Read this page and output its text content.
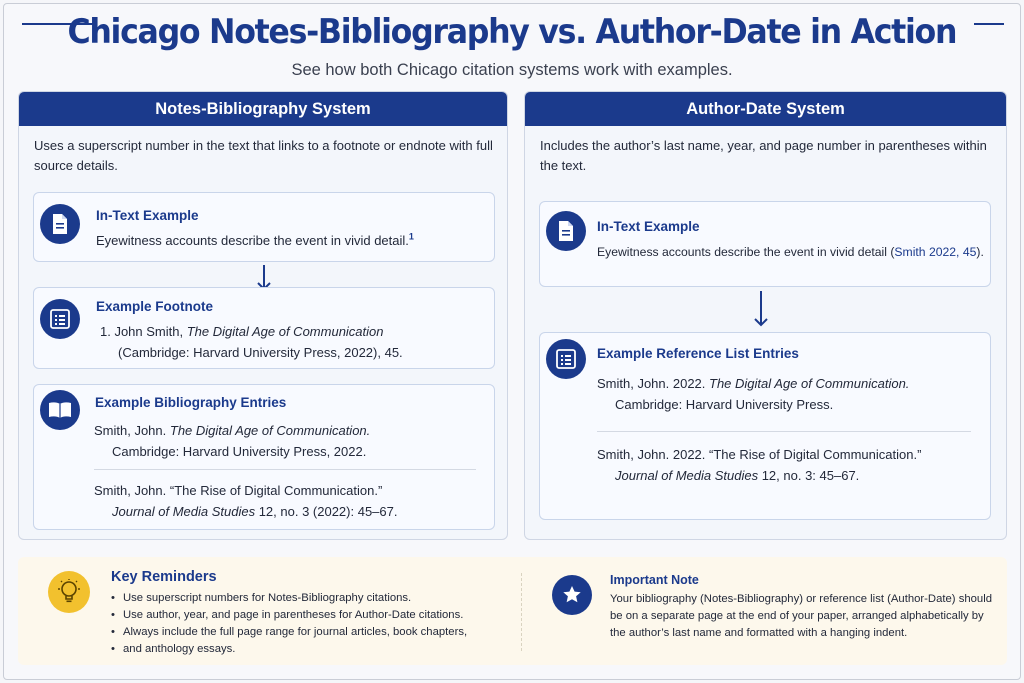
Chicago Notes-Bibliography vs. Author-Date in Action
See how both Chicago citation systems work with examples.
Notes-Bibliography System
Uses a superscript number in the text that links to a footnote or endnote with full source details.
In-Text Example
Eyewitness accounts describe the event in vivid detail.$^1$
Example Footnote
1. John Smith, The Digital Age of Communication
(Cambridge: Harvard University Press, 2022), 45.
Example Bibliography Entries
Smith, John. The Digital Age of Communication.
Cambridge: Harvard University Press, 2022.
Smith, John. “The Rise of Digital Communication.”
Journal of Media Studies 12, no. 3 (2022): 45–67.
Author-Date System
Includes the author’s last name, year, and page number in parentheses within the text.
In-Text Example
Eyewitness accounts describe the event in vivid detail (Smith 2022, 45).
Example Reference List Entries
Smith, John. 2022. The Digital Age of Communication.
Cambridge: Harvard University Press.
Smith, John. 2022. “The Rise of Digital Communication.”
Journal of Media Studies 12, no. 3: 45–67.
Key Reminders
• Use superscript numbers for Notes-Bibliography citations.
• Use author, year, and page in parentheses for Author-Date citations.
• Always include the full page range for journal articles, book chapters,
• and anthology essays.
Important Note
Your bibliography (Notes-Bibliography) or reference list (Author-Date) should be on a separate page at the end of your paper, arranged alphabetically by the author’s last name and formatted with a hanging indent.
